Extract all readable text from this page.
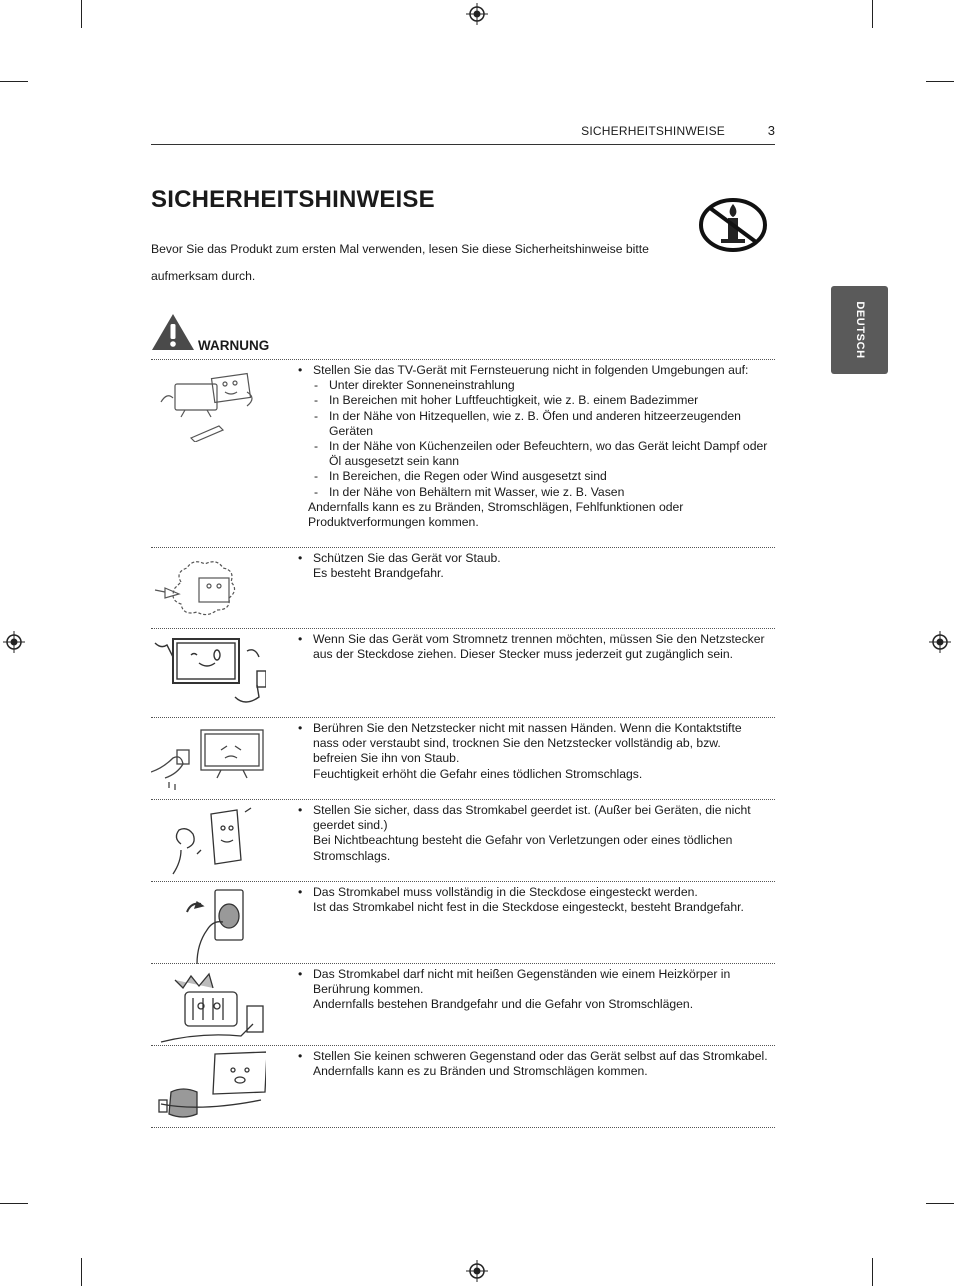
SICHERHEITSHINWEISE	3
SICHERHEITSHINWEISE
Bevor Sie das Produkt zum ersten Mal verwenden, lesen Sie diese Sicherheitshinweise bitte aufmerksam durch.
DEUTSCH
WARNUNG
• Stellen Sie das TV-Gerät mit Fernsteuerung nicht in folgenden Umgebungen auf:
- Unter direkter Sonneneinstrahlung
- In Bereichen mit hoher Luftfeuchtigkeit, wie z. B. einem Badezimmer
- In der Nähe von Hitzequellen, wie z. B. Öfen und anderen hitzeerzeugenden Geräten
- In der Nähe von Küchenzeilen oder Befeuchtern, wo das Gerät leicht Dampf oder Öl ausgesetzt sein kann
- In Bereichen, die Regen oder Wind ausgesetzt sind
- In der Nähe von Behältern mit Wasser, wie z. B. Vasen
Andernfalls kann es zu Bränden, Stromschlägen, Fehlfunktionen oder Produktverformungen kommen.
• Schützen Sie das Gerät vor Staub.
Es besteht Brandgefahr.
• Wenn Sie das Gerät vom Stromnetz trennen möchten, müssen Sie den Netzstecker aus der Steckdose ziehen. Dieser Stecker muss jederzeit gut zugänglich sein.
• Berühren Sie den Netzstecker nicht mit nassen Händen. Wenn die Kontaktstifte nass oder verstaubt sind, trocknen Sie den Netzstecker vollständig ab, bzw. befreien Sie ihn von Staub.
Feuchtigkeit erhöht die Gefahr eines tödlichen Stromschlags.
• Stellen Sie sicher, dass das Stromkabel geerdet ist. (Außer bei Geräten, die nicht geerdet sind.)
Bei Nichtbeachtung besteht die Gefahr von Verletzungen oder eines tödlichen Stromschlags.
• Das Stromkabel muss vollständig in die Steckdose eingesteckt werden.
Ist das Stromkabel nicht fest in die Steckdose eingesteckt, besteht Brandgefahr.
• Das Stromkabel darf nicht mit heißen Gegenständen wie einem Heizkörper in Berührung kommen.
Andernfalls bestehen Brandgefahr und die Gefahr von Stromschlägen.
• Stellen Sie keinen schweren Gegenstand oder das Gerät selbst auf das Stromkabel.
Andernfalls kann es zu Bränden und Stromschlägen kommen.
